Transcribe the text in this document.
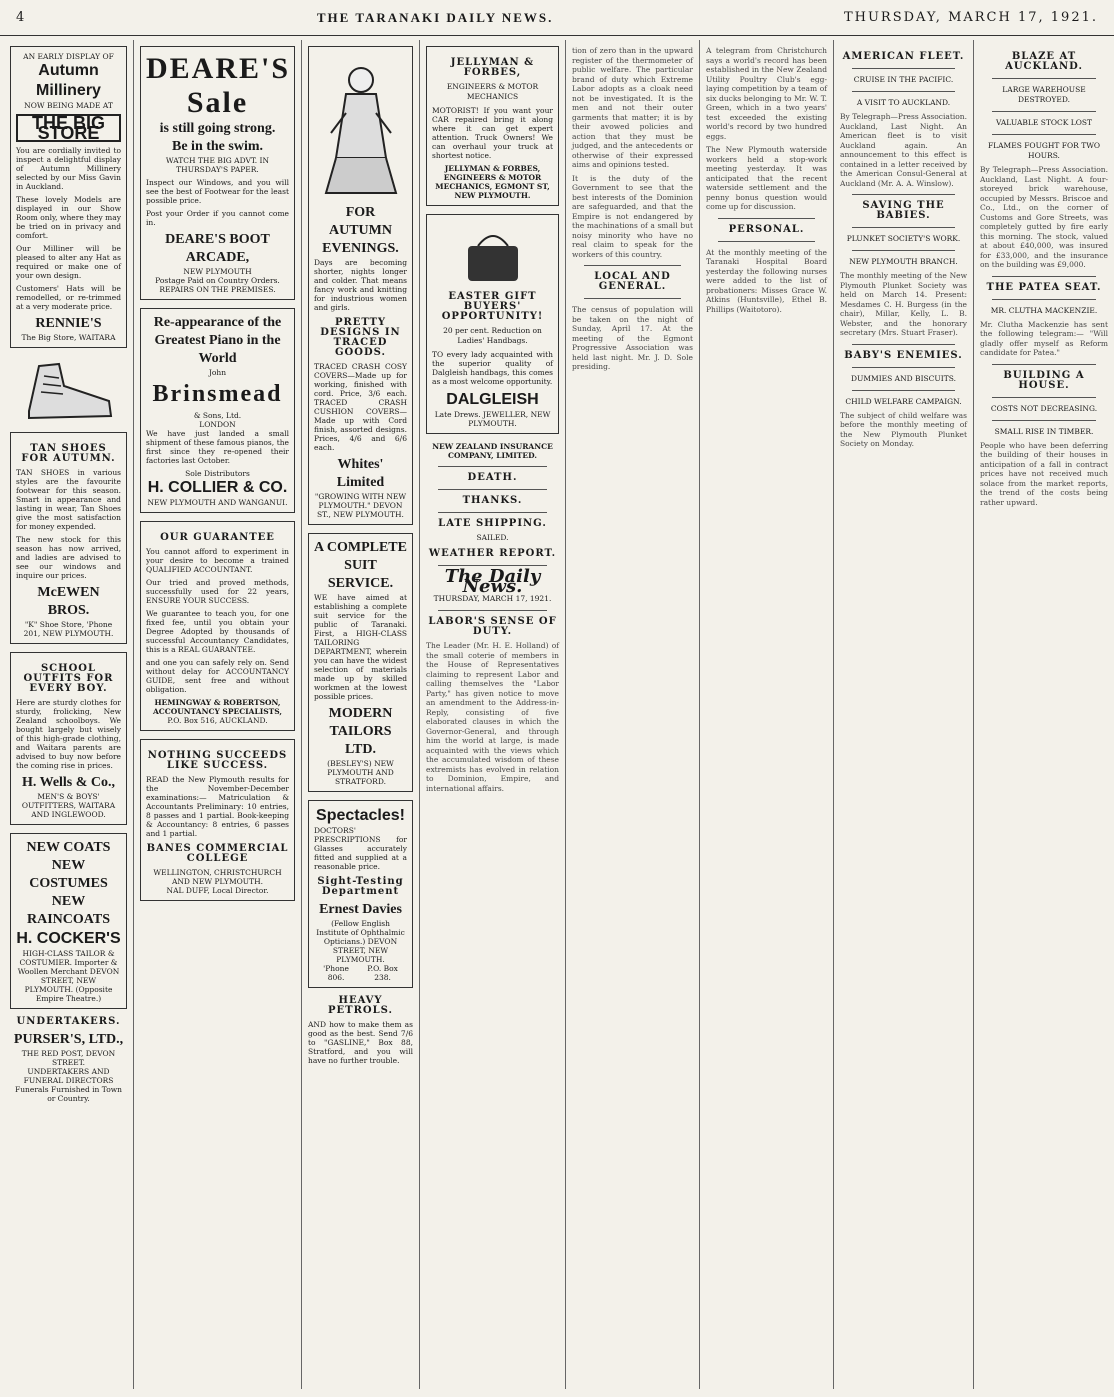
4	THE TARANAKI DAILY NEWS.	THURSDAY, MARCH 17, 1921.
AN EARLY DISPLAY OF
Autumn
Millinery
NOW BEING MADE AT
THE BIG STORE

You are cordially invited to inspect a delightful display of Autumn Millinery selected by our Miss Gavin in Auckland.

These lovely Models are displayed in our Show Room only, where they may be tried on in privacy and comfort.

Our Milliner will be pleased to alter any Hat as required or make one of your own design.

Customers' Hats will be remodelled, or re-trimmed at a very moderate price.

RENNIE'S
The Big Store, WAITARA
TAN SHOES FOR AUTUMN.

TAN SHOES in various styles are the favourite footwear for this season. Smart in appearance and lasting in wear, Tan Shoes give the most satisfaction for money expended.

The new stock for this season has now arrived, and ladies are advised to see our windows and inquire our prices.

McEWEN BROS.
"K" Shoe Store, 'Phone 201, NEW PLYMOUTH.
SCHOOL OUTFITS FOR EVERY BOY.

Here are sturdy clothes for sturdy, frolicking, New Zealand schoolboys. We bought largely but wisely of this high-grade clothing, and Waitara parents are advised to buy now before the coming rise in prices.

H. Wells & Co.,
MEN'S & BOYS' OUTFITTERS, WAITARA AND INGLEWOOD.
NEW COATS
NEW COSTUMES
NEW RAINCOATS
H. COCKER'S
HIGH-CLASS TAILOR & COSTUMIER. Importer & Woollen Merchant DEVON STREET, NEW PLYMOUTH. (Opposite Empire Theatre.)
UNDERTAKERS.
PURSER'S, LTD.,
THE RED POST, DEVON STREET.
UNDERTAKERS AND FUNERAL DIRECTORS
Funerals Furnished in Town or Country.
DEARE'S
Sale
is still going strong.
Be in the swim.

WATCH THE BIG ADVT. IN THURSDAY'S PAPER.

Inspect our Windows, and you will see the best of Footwear for the least possible price.

Post your Order if you cannot come in.

DEARE'S BOOT ARCADE,
NEW PLYMOUTH
Postage Paid on Country Orders. REPAIRS ON THE PREMISES.
Re-appearance of the Greatest Piano in the World
John
Brinsmead
& Sons, Ltd.
LONDON

We have just landed a small shipment of these famous pianos, the first since they re-opened their factories last October.

Sole Distributors
H. COLLIER & CO.
NEW PLYMOUTH AND WANGANUI.
OUR GUARANTEE

You cannot afford to experiment in your desire to become a trained QUALIFIED ACCOUNTANT.

Our tried and proved methods, successfully used for 22 years, ENSURE YOUR SUCCESS.

We guarantee to teach you, for one fixed fee, until you obtain your Degree Adopted by thousands of successful Accountancy Candidates, this is a REAL GUARANTEE.

and one you can safely rely on. Send without delay for ACCOUNTANCY GUIDE, sent free and without obligation.

HEMINGWAY & ROBERTSON, ACCOUNTANCY SPECIALISTS,
P.O. Box 516, AUCKLAND.
NOTHING SUCCEEDS LIKE SUCCESS.

READ the New Plymouth results for the November-December examinations:— Matriculation & Accountants Preliminary: 10 entries, 8 passes and 1 partial. Book-keeping & Accountancy: 8 entries, 6 passes and 1 partial.

BANES COMMERCIAL COLLEGE
WELLINGTON, CHRISTCHURCH AND NEW PLYMOUTH.
NAL DUFF, Local Director.
FOR AUTUMN EVENINGS.

Days are becoming shorter, nights longer and colder. That means fancy work and knitting for industrious women and girls.

PRETTY DESIGNS IN TRACED GOODS.

TRACED CRASH COSY COVERS—Made up for working, finished with cord. Price, 3/6 each. TRACED CRASH CUSHION COVERS—Made up with Cord finish, assorted designs. Prices, 4/6 and 6/6 each.

Whites' Limited
"GROWING WITH NEW PLYMOUTH." DEVON ST., NEW PLYMOUTH.
A COMPLETE SUIT SERVICE.

WE have aimed at establishing a complete suit service for the public of Taranaki. First, a HIGH-CLASS TAILORING DEPARTMENT, wherein you can have the widest selection of materials made up by skilled workmen at the lowest possible prices.

MODERN TAILORS LTD.
(BESLEY'S) NEW PLYMOUTH AND STRATFORD.
Spectacles!

DOCTORS' PRESCRIPTIONS for Glasses accurately fitted and supplied at a reasonable price.

Sight-Testing Department
Ernest Davies
(Fellow English Institute of Ophthalmic Opticians.) DEVON STREET, NEW PLYMOUTH.
'Phone 806.
P.O. Box 238.
HEAVY PETROLS.

AND how to make them as good as the best. Send 7/6 to "GASLINE," Box 88, Stratford, and you will have no further trouble.

JELLYMAN & FORBES,
ENGINEERS & MOTOR MECHANICS

MOTORIST! If you want your CAR repaired bring it along where it can get expert attention. Truck Owners! We can overhaul your truck at shortest notice.

JELLYMAN & FORBES, ENGINEERS & MOTOR MECHANICS, EGMONT ST, NEW PLYMOUTH.
EASTER GIFT BUYERS' OPPORTUNITY!
20 per cent. Reduction on Ladies' Handbags.

TO every lady acquainted with the superior quality of Dalgleish handbags, this comes as a most welcome opportunity.

DALGLEISH
Late Drews. JEWELLER, NEW PLYMOUTH.
NEW ZEALAND INSURANCE COMPANY, LIMITED.
DEATH.
THANKS.
LATE SHIPPING.
SAILED.
WEATHER REPORT.
The Daily News.
THURSDAY, MARCH 17, 1921.
LABOR'S SENSE OF DUTY.

The Leader (Mr. H. E. Holland) of the small coterie of members in the House of Representatives claiming to represent Labor and calling themselves the "Labor Party," has given notice to move an amendment to the Address-in-Reply, consisting of five elaborated clauses in which the Governor-General, and through him the world at large, is made acquainted with the views which the accumulated wisdom of these extremists has evolved in relation to Dominion, Empire, and international affairs.

tion of zero than in the upward register of the thermometer of public welfare. The particular brand of duty which Extreme Labor adopts as a cloak need not be investigated. It is the men and not their outer garments that matter; it is by their avowed policies and action that they must be judged, and the antecedents or otherwise of their expressed aims and opinions tested.

It is the duty of the Government to see that the best interests of the Dominion are safeguarded, and that the Empire is not endangered by the machinations of a small but noisy minority who have no real claim to speak for the workers of this country.

LOCAL AND GENERAL.

The census of population will be taken on the night of Sunday, April 17. At the meeting of the Egmont Progressive Association was held last night. Mr. J. D. Sole presiding.

A telegram from Christchurch says a world's record has been established in the New Zealand Utility Poultry Club's egg-laying competition by a team of six ducks belonging to Mr. W. T. Green, which in a two years' test exceeded the existing world's record by two hundred eggs.

The New Plymouth waterside workers held a stop-work meeting yesterday. It was anticipated that the recent waterside settlement and the penny bonus question would come up for discussion.

PERSONAL.

At the monthly meeting of the Taranaki Hospital Board yesterday the following nurses were added to the list of probationers: Misses Grace W. Atkins (Huntsville), Ethel B. Phillips (Waitotoro).

AMERICAN FLEET.
CRUISE IN THE PACIFIC.
A VISIT TO AUCKLAND.

By Telegraph—Press Association. Auckland, Last Night. An American fleet is to visit Auckland again. An announcement to this effect is contained in a letter received by the American Consul-General at Auckland (Mr. A. A. Winslow).

SAVING THE BABIES.
PLUNKET SOCIETY'S WORK.
NEW PLYMOUTH BRANCH.

The monthly meeting of the New Plymouth Plunket Society was held on March 14. Present: Mesdames C. H. Burgess (in the chair), Millar, Kelly, L. B. Webster, and the honorary secretary (Mrs. Stuart Fraser).

BABY'S ENEMIES.
DUMMIES AND BISCUITS.
CHILD WELFARE CAMPAIGN.

The subject of child welfare was before the monthly meeting of the New Plymouth Plunket Society on Monday.

BLAZE AT AUCKLAND.
LARGE WAREHOUSE DESTROYED.
VALUABLE STOCK LOST
FLAMES FOUGHT FOR TWO HOURS.

By Telegraph—Press Association. Auckland, Last Night. A four-storeyed brick warehouse, occupied by Messrs. Briscoe and Co., Ltd., on the corner of Customs and Gore Streets, was completely gutted by fire early this morning. The stock, valued at about £40,000, was insured for £33,000, and the insurance on the building was £9,000.

THE PATEA SEAT.
MR. CLUTHA MACKENZIE.

Mr. Clutha Mackenzie has sent the following telegram:— "Will gladly offer myself as Reform candidate for Patea."

BUILDING A HOUSE.
COSTS NOT DECREASING.
SMALL RISE IN TIMBER.

People who have been deferring the building of their houses in anticipation of a fall in contract prices have not received much solace from the market reports, the trend of the costs being rather upward.
